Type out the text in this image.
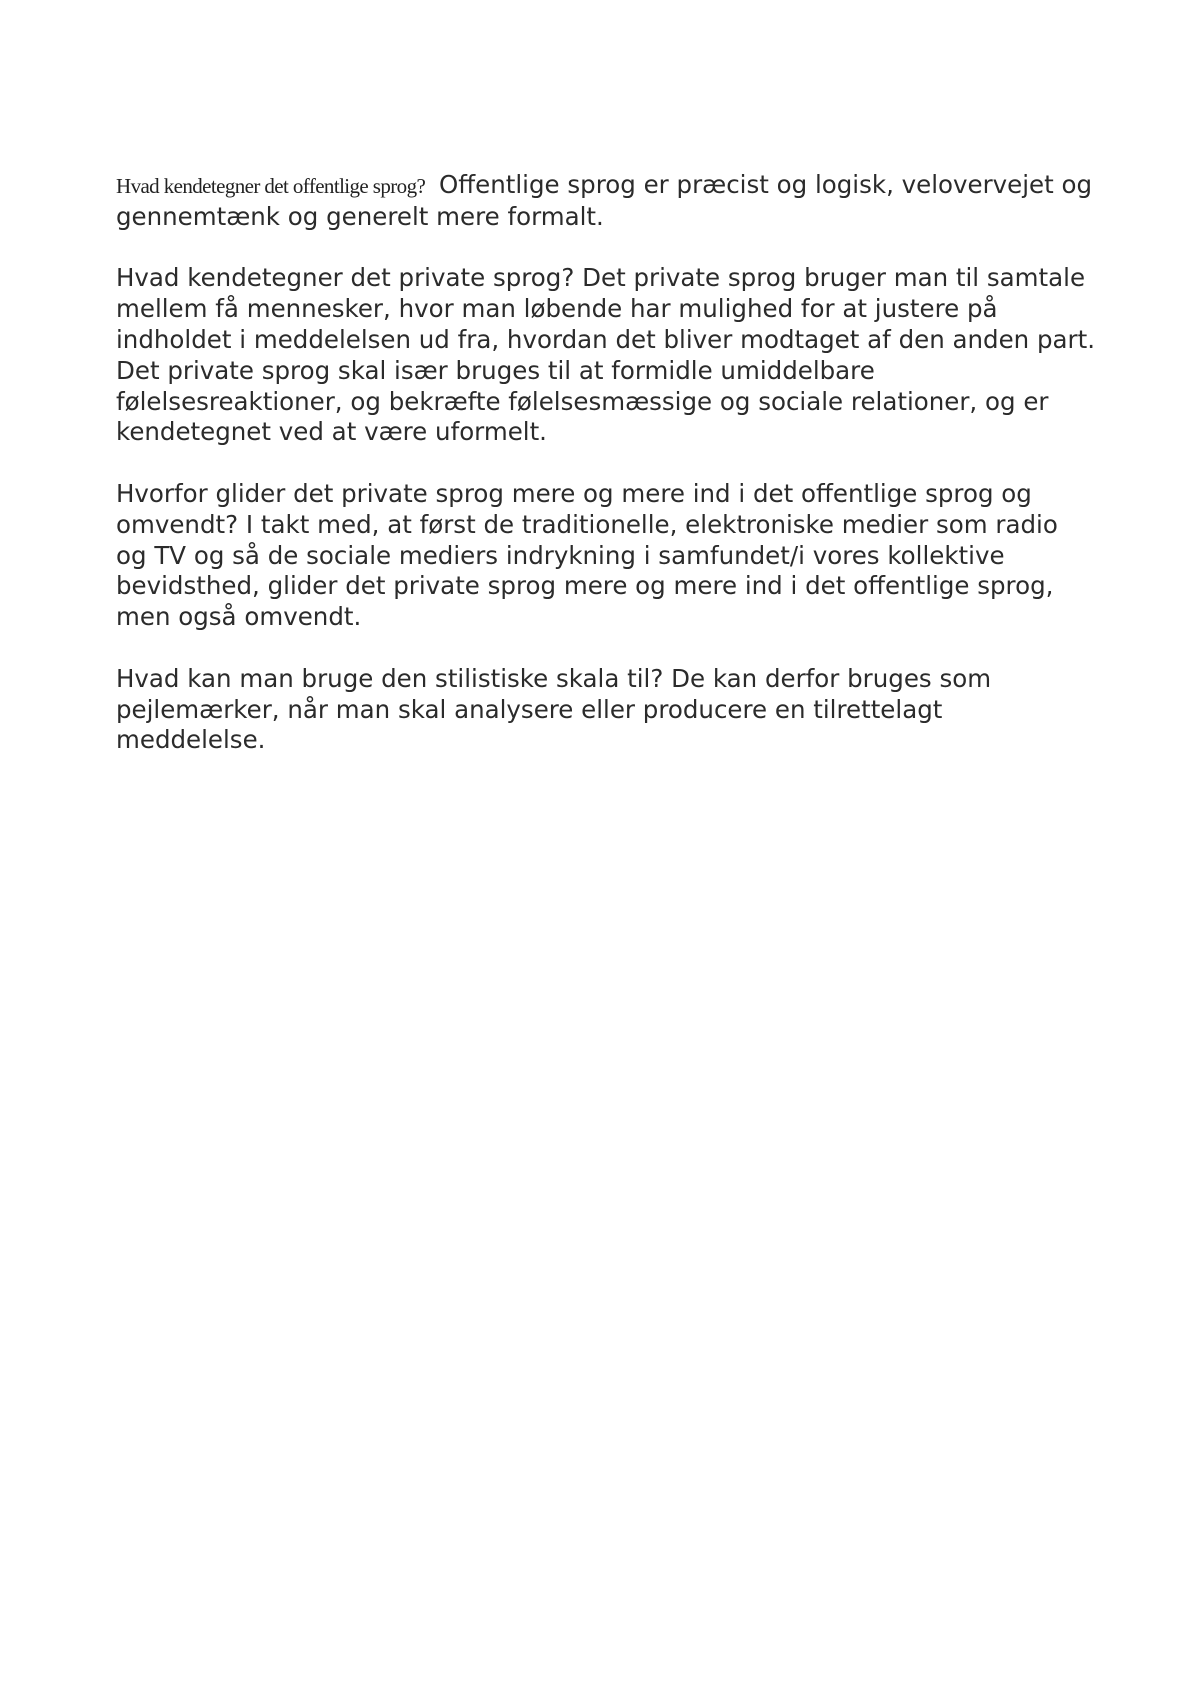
Hvad kendetegner det offentlige sprog? Offentlige sprog er præcist og logisk, velovervejet og gennemtænk og generelt mere formalt.

Hvad kendetegner det private sprog? Det private sprog bruger man til samtale mellem få mennesker, hvor man løbende har mulighed for at justere på indholdet i meddelelsen ud fra, hvordan det bliver modtaget af den anden part. Det private sprog skal især bruges til at formidle umiddelbare følelsesreaktioner, og bekræfte følelsesmæssige og sociale relationer, og er kendetegnet ved at være uformelt.

Hvorfor glider det private sprog mere og mere ind i det offentlige sprog og omvendt? I takt med, at først de traditionelle, elektroniske medier som radio og TV og så de sociale mediers indrykning i samfundet/i vores kollektive bevidsthed, glider det private sprog mere og mere ind i det offentlige sprog, men også omvendt.

Hvad kan man bruge den stilistiske skala til? De kan derfor bruges som pejlemærker, når man skal analysere eller producere en tilrettelagt meddelelse.
